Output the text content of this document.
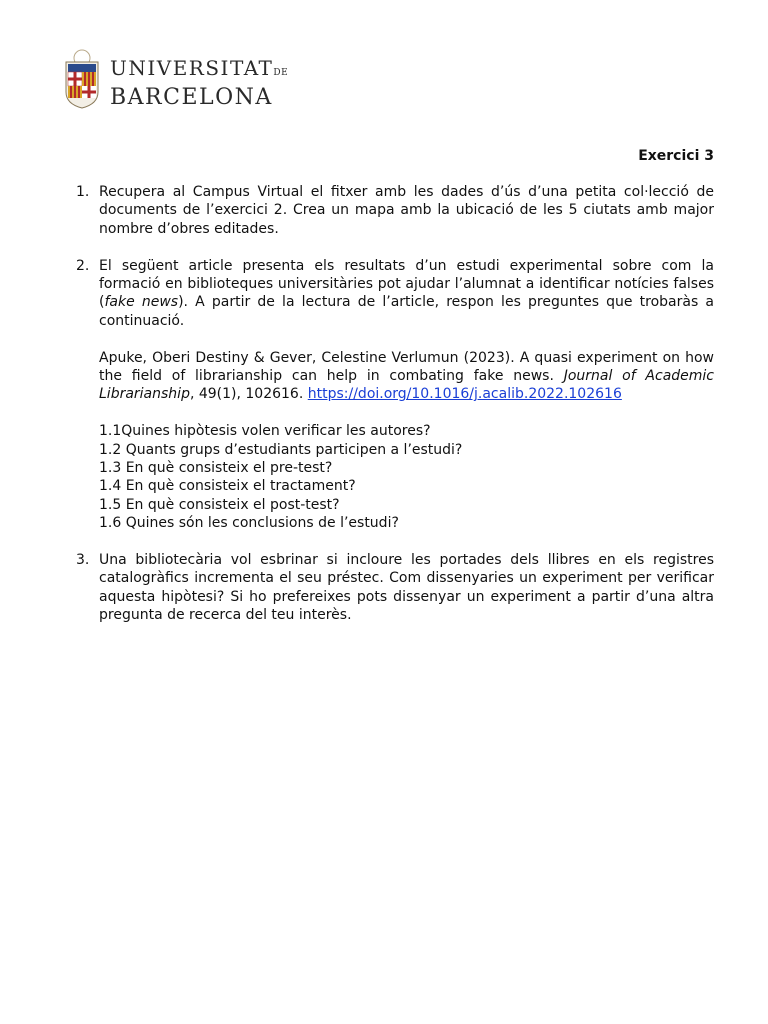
UNIVERSITATDE
BARCELONA
Exercici 3
1. Recupera al Campus Virtual el fitxer amb les dades d’ús d’una petita col·lecció de documents de l’exercici 2. Crea un mapa amb la ubicació de les 5 ciutats amb major nombre d’obres editades.

2. El següent article presenta els resultats d’un estudi experimental sobre com la formació en biblioteques universitàries pot ajudar l’alumnat a identificar notícies falses (fake news). A partir de la lectura de l’article, respon les preguntes que trobaràs a continuació.

Apuke, Oberi Destiny & Gever, Celestine Verlumun (2023). A quasi experiment on how the field of librarianship can help in combating fake news. Journal of Academic Librarianship, 49(1), 102616. https://doi.org/10.1016/j.acalib.2022.102616

1.1Quines hipòtesis volen verificar les autores?
1.2 Quants grups d’estudiants participen a l’estudi?
1.3 En què consisteix el pre-test?
1.4 En què consisteix el tractament?
1.5 En què consisteix el post-test?
1.6 Quines són les conclusions de l’estudi?
3. Una bibliotecària vol esbrinar si incloure les portades dels llibres en els registres catalogràfics incrementa el seu préstec. Com dissenyaries un experiment per verificar aquesta hipòtesi? Si ho prefereixes pots dissenyar un experiment a partir d’una altra pregunta de recerca del teu interès.
